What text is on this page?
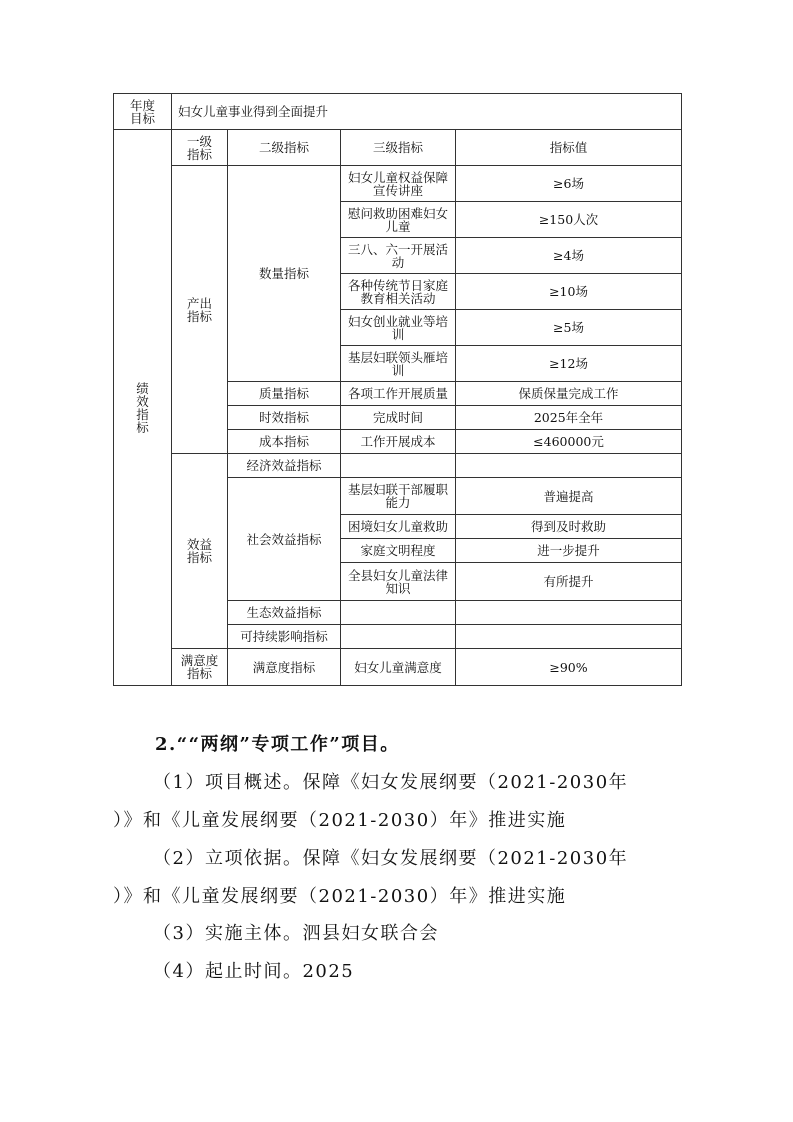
年度目标	妇女儿童事业得到全面提升			
绩效指标	一级指标	二级指标	三级指标	指标值
	产出指标	数量指标	妇女儿童权益保障宣传讲座	≥6场
			慰问救助困难妇女儿童	≥150人次
			三八、六一开展活动	≥4场
			各种传统节日家庭教育相关活动	≥10场
			妇女创业就业等培训	≥5场
			基层妇联领头雁培训	≥12场
		质量指标	各项工作开展质量	保质保量完成工作
		时效指标	完成时间	2025年全年
		成本指标	工作开展成本	≤460000元
	效益指标	经济效益指标		
		社会效益指标	基层妇联干部履职能力	普遍提高
			困境妇女儿童救助	得到及时救助
			家庭文明程度	进一步提升
			全县妇女儿童法律知识	有所提升
		生态效益指标		
		可持续影响指标		
	满意度指标	满意度指标	妇女儿童满意度	≥90%
2.““两纲”专项工作”项目。
（1）项目概述。保障《妇女发展纲要（2021-2030年
）》和《儿童发展纲要（2021-2030）年》推进实施
（2）立项依据。保障《妇女发展纲要（2021-2030年
）》和《儿童发展纲要（2021-2030）年》推进实施
（3）实施主体。泗县妇女联合会
（4）起止时间。2025
